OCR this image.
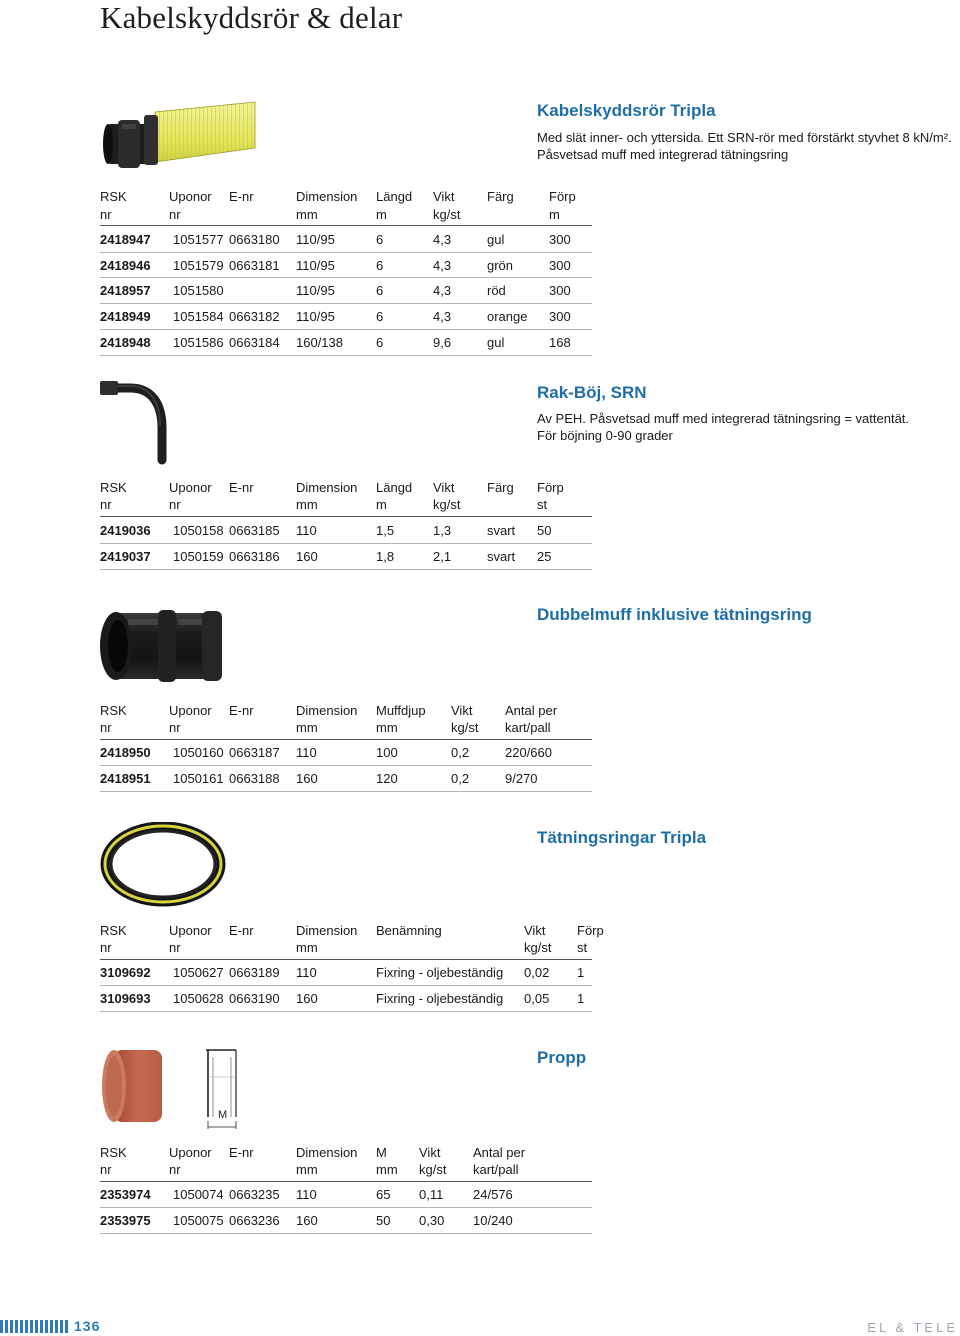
Kabelskyddsrör & delar
Kabelskyddsrör Tripla
Med slät inner- och yttersida. Ett SRN-rör med förstärkt styvhet 8 kN/m².
Påsvetsad muff med integrerad tätningsring
RSK	Uponor E-nr	Dimension Längd Vikt	Färg	Förp
nr	nr	mm	m	kg/st	m
2418947 1051577 0663180 110/95	6	4,3	gul	300
2418946 1051579 0663181 110/95	6	4,3	grön	300
2418957 1051580	110/95	6	4,3	röd	300
2418949 1051584 0663182 110/95	6	4,3	orange 300
2418948 1051586 0663184 160/138	6	9,6	gul	168
Rak-Böj, SRN
Av PEH. Påsvetsad muff med integrerad tätningsring = vattentät. För böjning 0-90 grader
RSK	Uponor E-nr	Dimension Längd Vikt	Färg Förp
nr	nr	mm	m	kg/st	st
2419036 1050158 0663185 110	1,5	1,3	svart 50
2419037 1050159 0663186 160	1,8	2,1	svart 25
Dubbelmuff inklusive tätningsring
RSK	Uponor E-nr	Dimension Muffdjup Vikt	Antal per
nr	nr	mm	mm	kg/st kart/pall
2418950 1050160 0663187 110	100	0,2	220/660
2418951 1050161 0663188 160	120	0,2	9/270
Tätningsringar Tripla
RSK	Uponor E-nr	Dimension Benämning	Vikt Förp
nr	nr	mm	kg/st st
3109692 1050627 0663189 110	Fixring - oljebeständig 0,02 1
3109693 1050628 0663190 160	Fixring - oljebeständig 0,05 1
M
Propp
RSK	Uponor E-nr	Dimension M Vikt	Antal per
nr	nr	mm	mm kg/st kart/pall
2353974 1050074 0663235 110	65 0,11 24/576
2353975 1050075 0663236 160	50 0,30 10/240
136	EL & TELE
